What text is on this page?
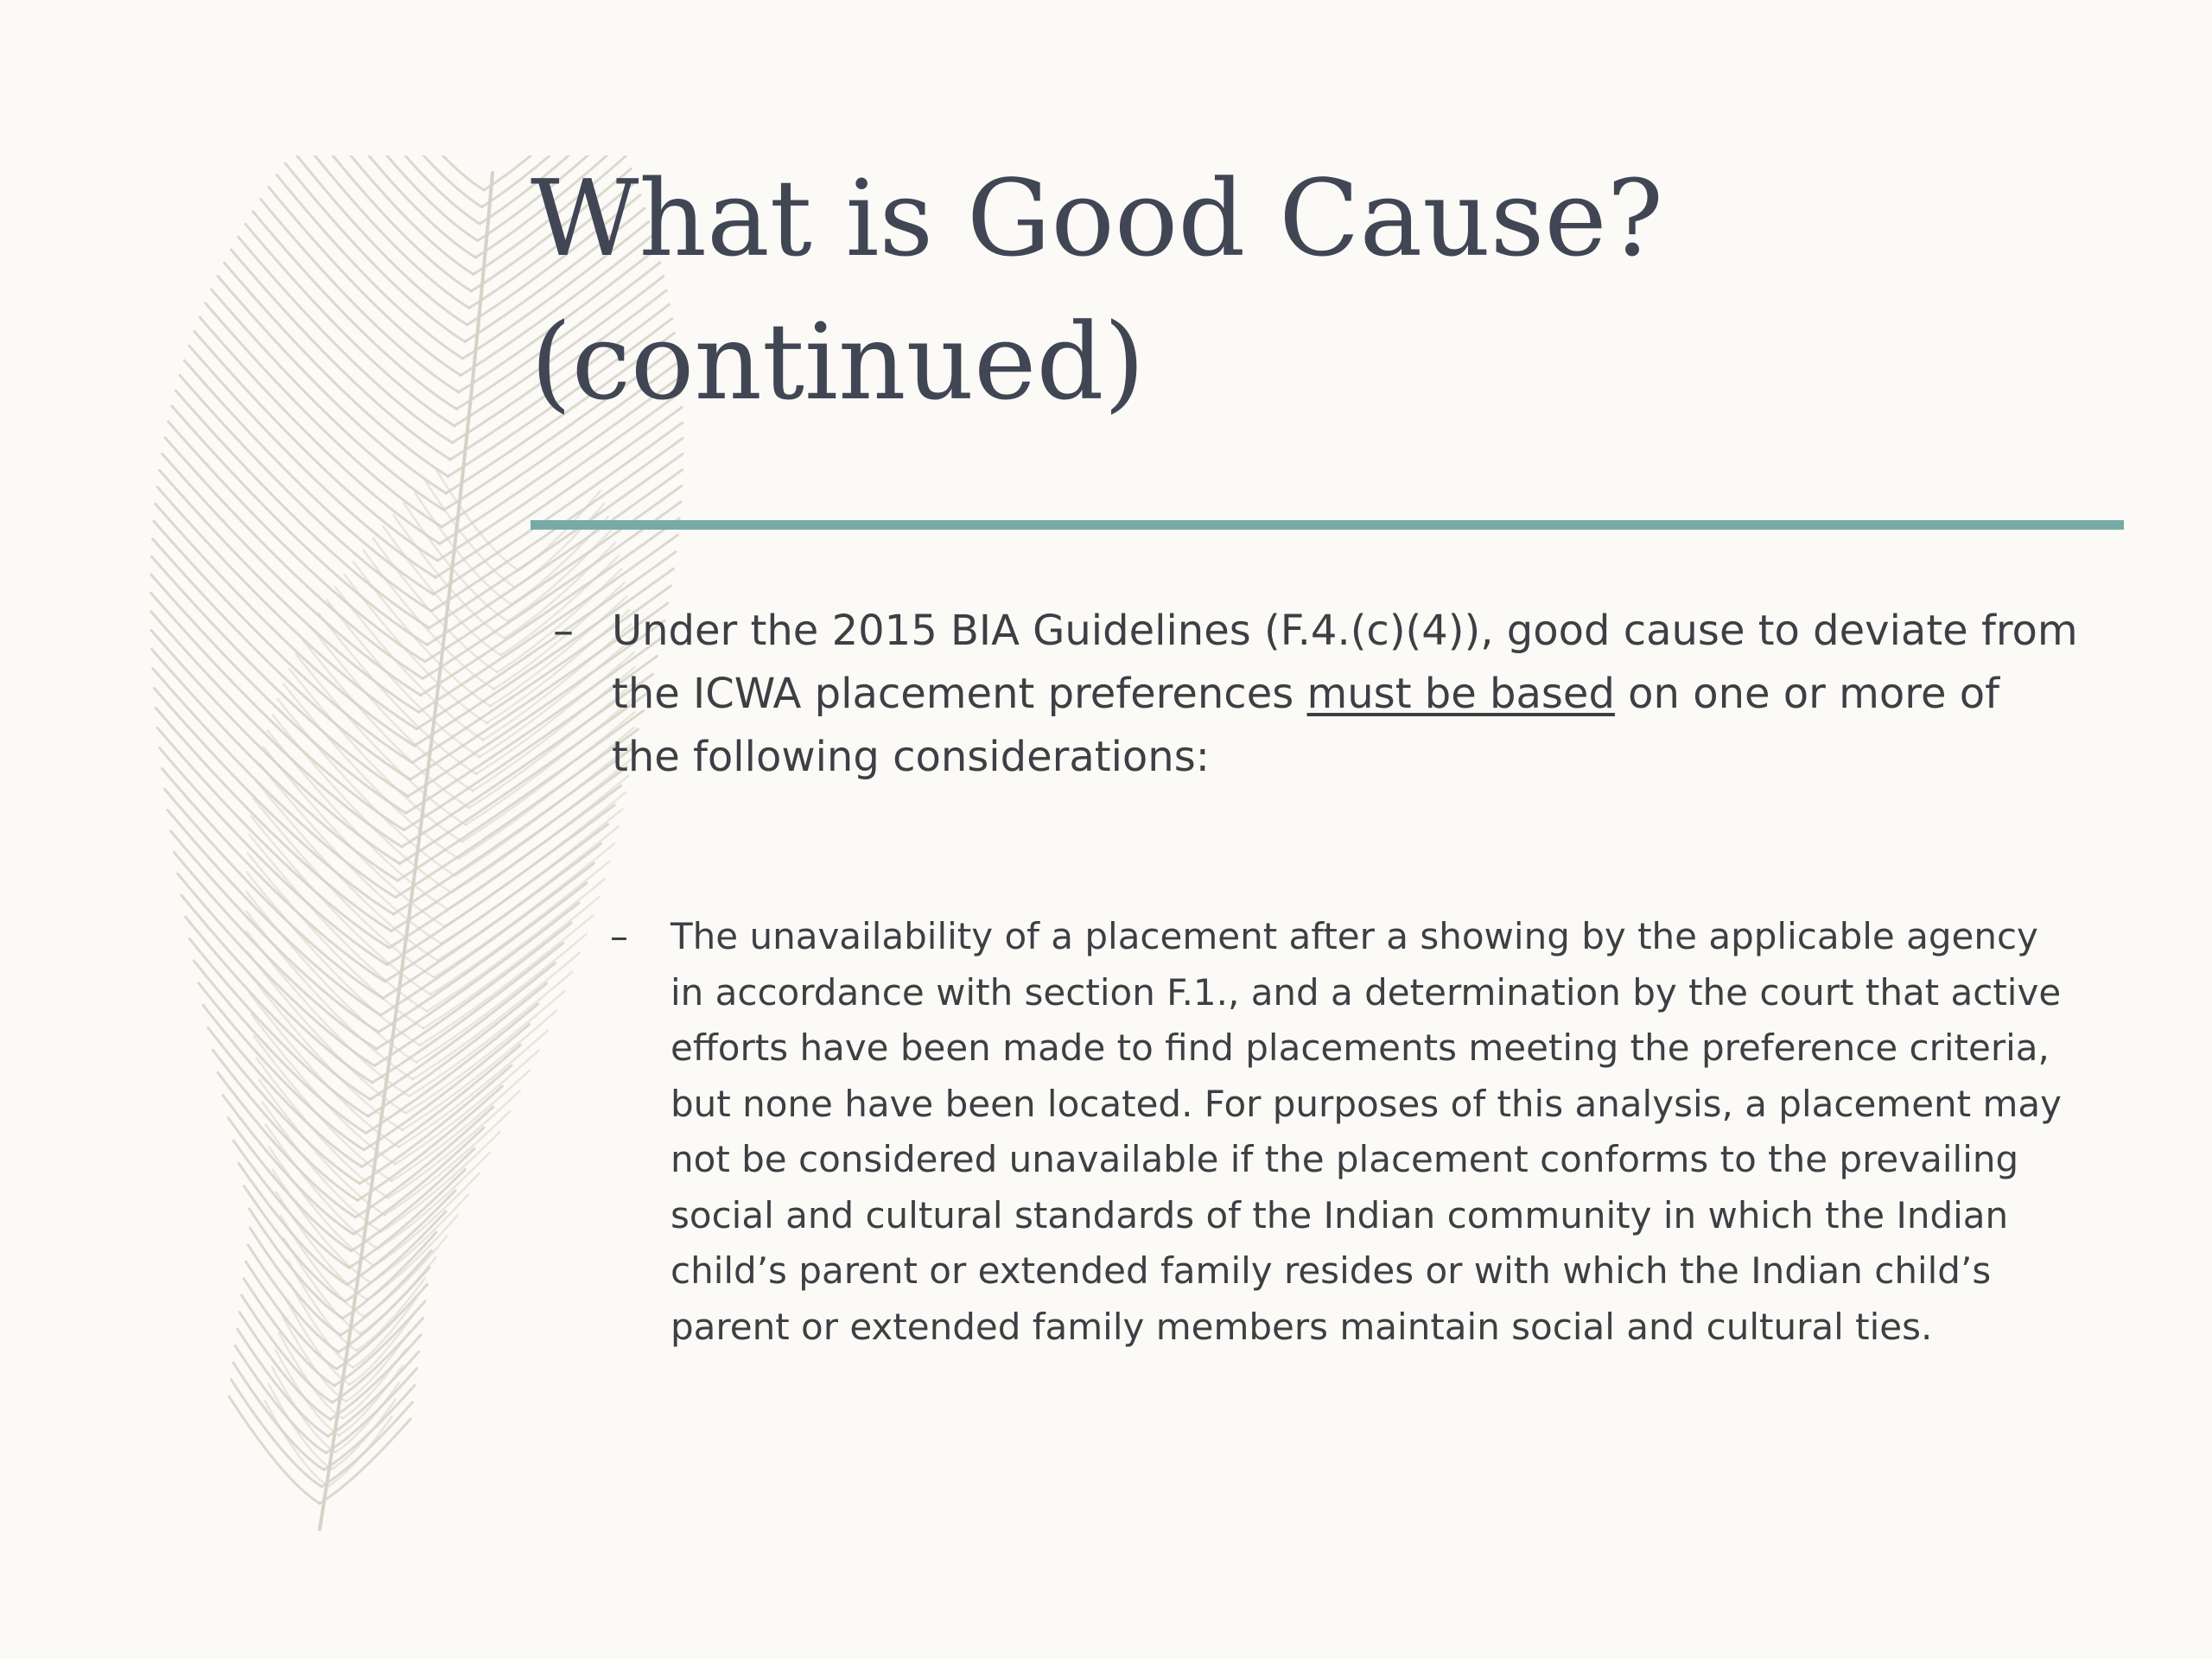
What is Good Cause?
(continued)
– Under the 2015 BIA Guidelines (F.4.(c)(4)), good cause to deviate from
the ICWA placement preferences must be based on one or more of
the following considerations:
– The unavailability of a placement after a showing by the applicable agency
in accordance with section F.1., and a determination by the court that active
efforts have been made to find placements meeting the preference criteria,
but none have been located. For purposes of this analysis, a placement may
not be considered unavailable if the placement conforms to the prevailing
social and cultural standards of the Indian community in which the Indian
child’s parent or extended family resides or with which the Indian child’s
parent or extended family members maintain social and cultural ties.
